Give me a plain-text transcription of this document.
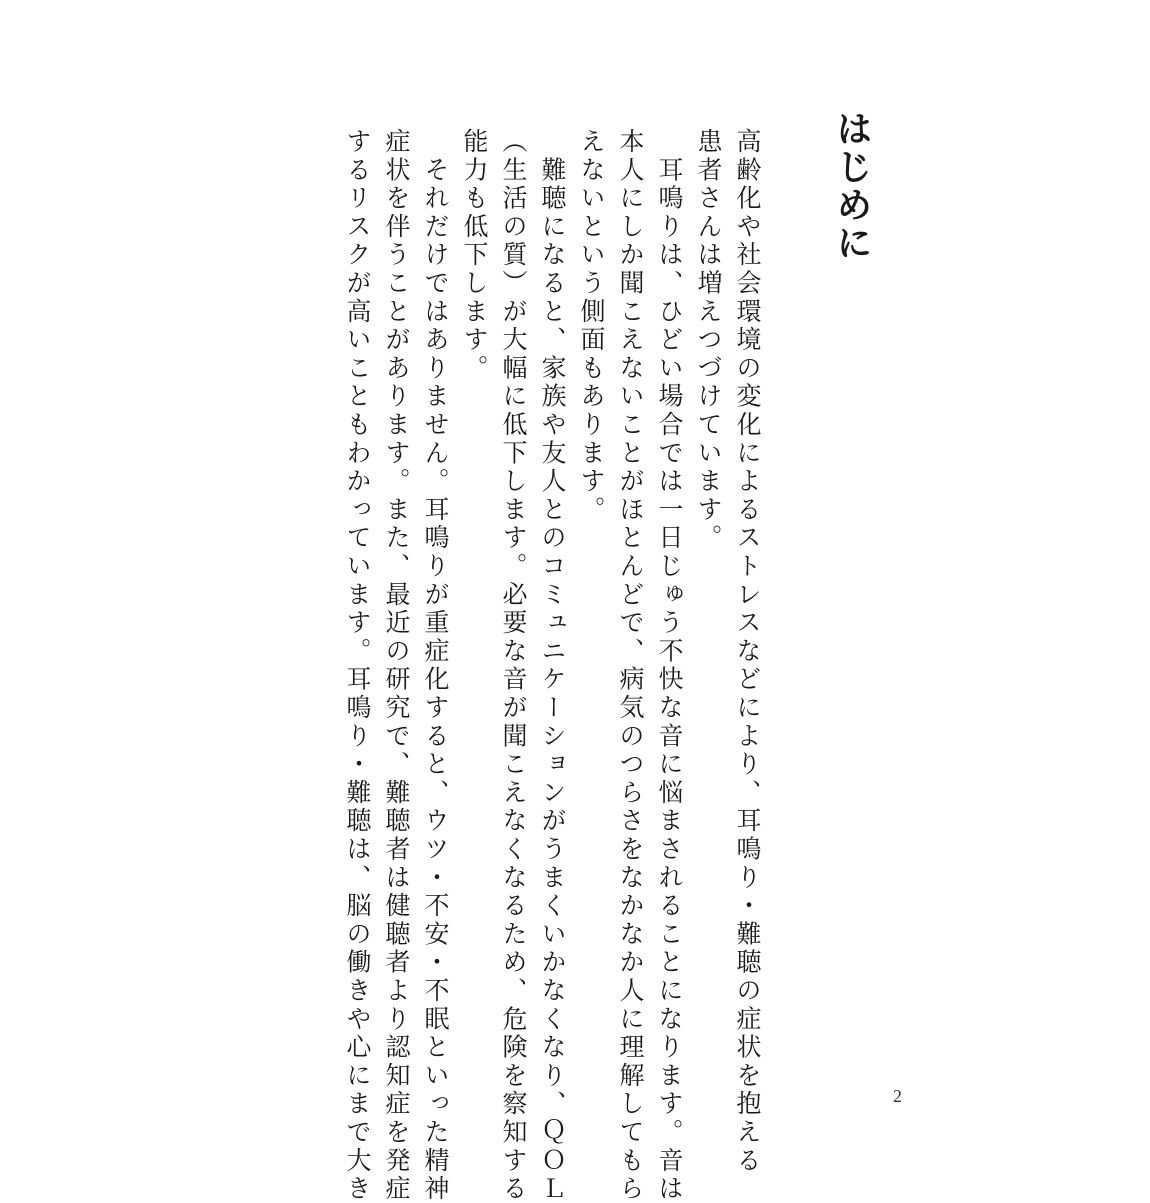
はじめに
高齢化や社会環境の変化によるストレスなどにより、耳鳴り・難聴の症状を抱える
患者さんは増えつづけています。
　耳鳴りは、ひどい場合では一日じゅう不快な音に悩まされることになります。音は
本人にしか聞こえないことがほとんどで、病気のつらさをなかなか人に理解してもら
えないという側面もあります。
　難聴になると、家族や友人とのコミュニケーションがうまくいかなくなり、ＱＯＬ
（生活の質）が大幅に低下します。必要な音が聞こえなくなるため、危険を察知する
能力も低下します。
　それだけではありません。耳鳴りが重症化すると、ウツ・不安・不眠といった精神
症状を伴うことがあります。また、最近の研究で、難聴者は健聴者より認知症を発症
するリスクが高いこともわかっています。耳鳴り・難聴は、脳の働きや心にまで大き	2
